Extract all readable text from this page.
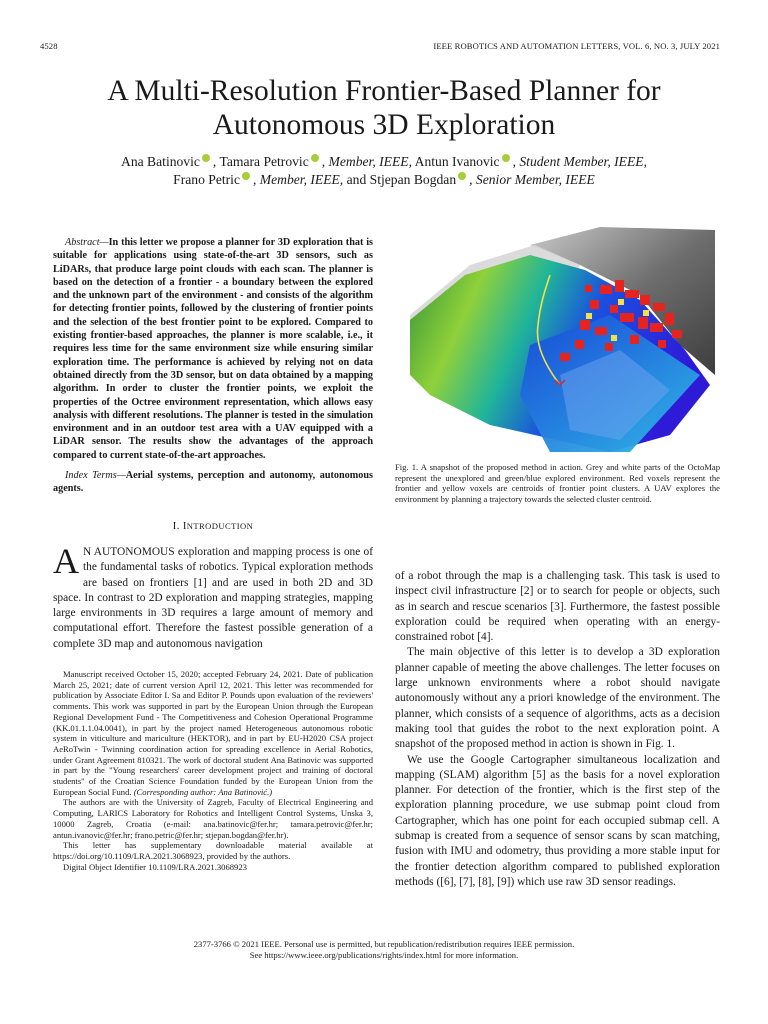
4528	IEEE ROBOTICS AND AUTOMATION LETTERS, VOL. 6, NO. 3, JULY 2021
A Multi-Resolution Frontier-Based Planner for
Autonomous 3D Exploration
Ana Batinovic , Tamara Petrovic , Member, IEEE, Antun Ivanovic , Student Member, IEEE,
Frano Petric , Member, IEEE, and Stjepan Bogdan , Senior Member, IEEE
Abstract—In this letter we propose a planner for 3D exploration that is suitable for applications using state-of-the-art 3D sensors, such as LiDARs, that produce large point clouds with each scan. The planner is based on the detection of a frontier - a boundary between the explored and the unknown part of the environment - and consists of the algorithm for detecting frontier points, followed by the clustering of frontier points and the selection of the best frontier point to be explored. Compared to existing frontier-based approaches, the planner is more scalable, i.e., it requires less time for the same environment size while ensuring similar exploration time. The performance is achieved by relying not on data obtained directly from the 3D sensor, but on data obtained by a mapping algorithm. In order to cluster the frontier points, we exploit the properties of the Octree environment representation, which allows easy analysis with different resolutions. The planner is tested in the simulation environment and in an outdoor test area with a UAV equipped with a LiDAR sensor. The results show the advantages of the approach compared to current state-of-the-art approaches.
Index Terms—Aerial systems, perception and autonomy, autonomous agents.
I. INTRODUCTION
A N AUTONOMOUS exploration and mapping process is one of the fundamental tasks of robotics. Typical exploration methods are based on frontiers [1] and are used in both 2D and 3D space. In contrast to 2D exploration and mapping strategies, mapping large environments in 3D requires a large amount of memory and computational effort. Therefore the fastest possible generation of a complete 3D map and autonomous navigation

Manuscript received October 15, 2020; accepted February 24, 2021. Date of publication March 25, 2021; date of current version April 12, 2021. This letter was recommended for publication by Associate Editor I. Sa and Editor P. Pounds upon evaluation of the reviewers' comments. This work was supported in part by the European Union through the European Regional Development Fund - The Competitiveness and Cohesion Operational Programme (KK.01.1.1.04.0041), in part by the project named Heterogeneous autonomous robotic system in viticulture and mariculture (HEKTOR), and in part by EU-H2020 CSA project AeRoTwin - Twinning coordination action for spreading excellence in Aerial Robotics, under Grant Agreement 810321. The work of doctoral student Ana Batinovic was supported in part by the "Young researchers' career development project and training of doctoral students" of the Croatian Science Foundation funded by the European Union from the European Social Fund. (Corresponding author: Ana Batinović.)

The authors are with the University of Zagreb, Faculty of Electrical Engineering and Computing, LARICS Laboratory for Robotics and Intelligent Control Systems, Unska 3, 10000 Zagreb, Croatia (e-mail: ana.batinovic@fer.hr; tamara.petrovic@fer.hr; antun.ivanovic@fer.hr; frano.petric@fer.hr; stjepan.bogdan@fer.hr).

This letter has supplementary downloadable material available at https://doi.org/10.1109/LRA.2021.3068923, provided by the authors.

Digital Object Identifier 10.1109/LRA.2021.3068923

Fig. 1. A snapshot of the proposed method in action. Grey and white parts of the OctoMap represent the unexplored and green/blue explored environment. Red voxels represent the frontier and yellow voxels are centroids of frontier point clusters. A UAV explores the environment by planning a trajectory towards the selected cluster centroid.

of a robot through the map is a challenging task. This task is used to inspect civil infrastructure [2] or to search for people or objects, such as in search and rescue scenarios [3]. Furthermore, the fastest possible exploration could be required when operating with an energy-constrained robot [4].

The main objective of this letter is to develop a 3D exploration planner capable of meeting the above challenges. The letter focuses on large unknown environments where a robot should navigate autonomously without any a priori knowledge of the environment. The planner, which consists of a sequence of algorithms, acts as a decision making tool that guides the robot to the next exploration point. A snapshot of the proposed method in action is shown in Fig. 1.

We use the Google Cartographer simultaneous localization and mapping (SLAM) algorithm [5] as the basis for a novel exploration planner. For detection of the frontier, which is the first step of the exploration planning procedure, we use submap point cloud from Cartographer, which has one point for each occupied submap cell. A submap is created from a sequence of sensor scans by scan matching, fusion with IMU and odometry, thus providing a more stable input for the frontier detection algorithm compared to published exploration methods ([6], [7], [8], [9]) which use raw 3D sensor readings.

2377-3766 © 2021 IEEE. Personal use is permitted, but republication/redistribution requires IEEE permission.
See https://www.ieee.org/publications/rights/index.html for more information.
